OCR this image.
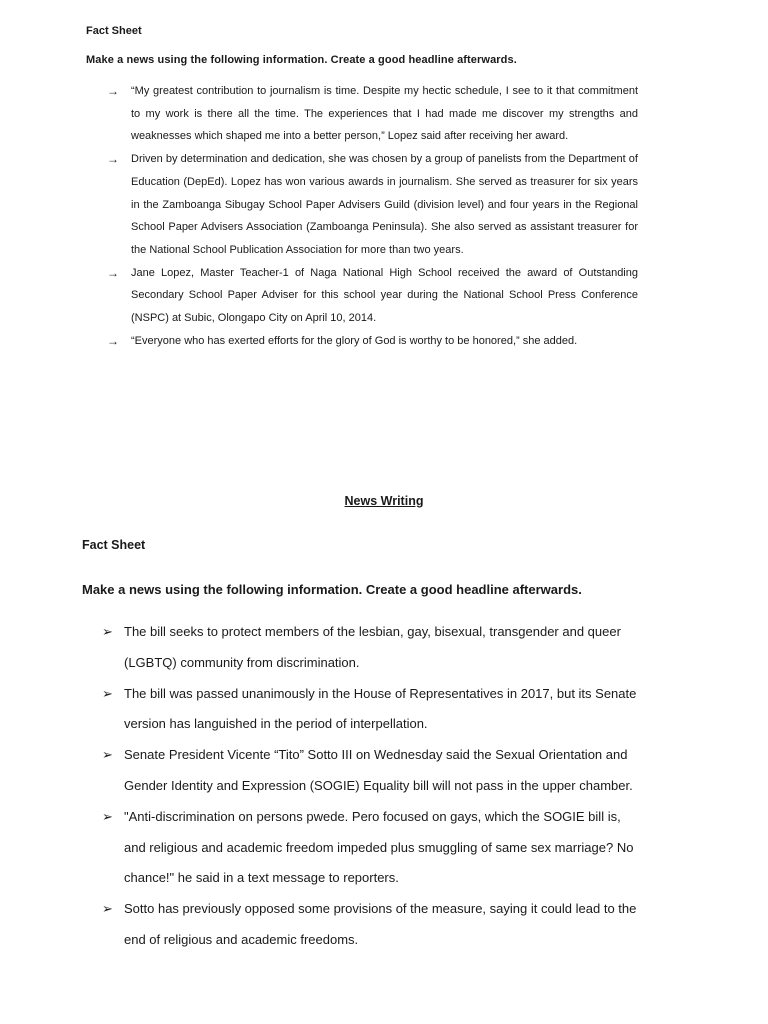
Fact Sheet
Make a news using the following information. Create a good headline afterwards.
→ “My greatest contribution to journalism is time. Despite my hectic schedule, I see to it that commitment to my work is there all the time. The experiences that I had made me discover my strengths and weaknesses which shaped me into a better person,” Lopez said after receiving her award.
→ Driven by determination and dedication, she was chosen by a group of panelists from the Department of Education (DepEd). Lopez has won various awards in journalism. She served as treasurer for six years in the Zamboanga Sibugay School Paper Advisers Guild (division level) and four years in the Regional School Paper Advisers Association (Zamboanga Peninsula). She also served as assistant treasurer for the National School Publication Association for more than two years.
→ Jane Lopez, Master Teacher-1 of Naga National High School received the award of Outstanding Secondary School Paper Adviser for this school year during the National School Press Conference (NSPC) at Subic, Olongapo City on April 10, 2014.
→ “Everyone who has exerted efforts for the glory of God is worthy to be honored,” she added.
News Writing
Fact Sheet
Make a news using the following information. Create a good headline afterwards.
➢ The bill seeks to protect members of the lesbian, gay, bisexual, transgender and queer (LGBTQ) community from discrimination.
➢ The bill was passed unanimously in the House of Representatives in 2017, but its Senate version has languished in the period of interpellation.
➢ Senate President Vicente “Tito” Sotto III on Wednesday said the Sexual Orientation and Gender Identity and Expression (SOGIE) Equality bill will not pass in the upper chamber.
➢ "Anti-discrimination on persons pwede. Pero focused on gays, which the SOGIE bill is, and religious and academic freedom impeded plus smuggling of same sex marriage? No chance!" he said in a text message to reporters.
➢ Sotto has previously opposed some provisions of the measure, saying it could lead to the end of religious and academic freedoms.
